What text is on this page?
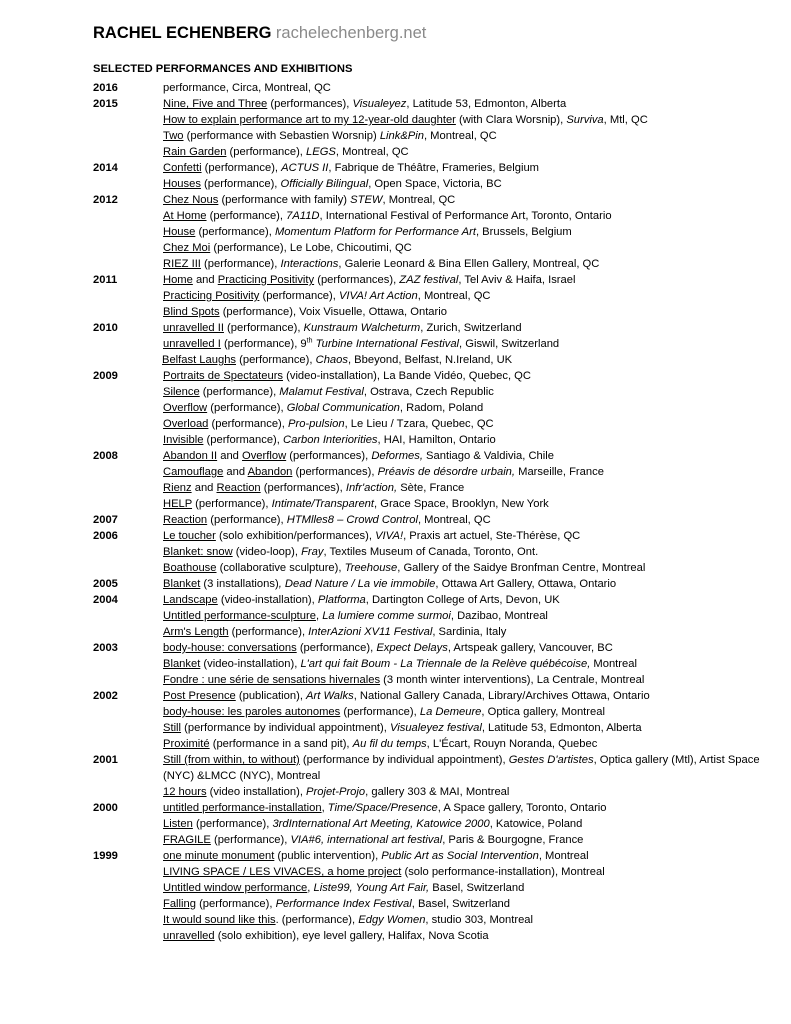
RACHEL ECHENBERG rachelechenberg.net
SELECTED PERFORMANCES AND EXHIBITIONS
2016	performance, Circa, Montreal, QC
2015	Nine, Five and Three (performances), Visualeyez, Latitude 53, Edmonton, Alberta
How to explain performance art to my 12-year-old daughter (with Clara Worsnip), Surviva, Mtl, QC
Two (performance with Sebastien Worsnip) Link&Pin, Montreal, QC
Rain Garden (performance), LEGS, Montreal, QC
2014	Confetti (performance), ACTUS II, Fabrique de Théâtre, Frameries, Belgium
Houses (performance), Officially Bilingual, Open Space, Victoria, BC
2012	Chez Nous (performance with family) STEW, Montreal, QC
At Home (performance), 7A11D, International Festival of Performance Art, Toronto, Ontario
House (performance), Momentum Platform for Performance Art, Brussels, Belgium
Chez Moi (performance), Le Lobe, Chicoutimi, QC
RIEZ III (performance), Interactions, Galerie Leonard & Bina Ellen Gallery, Montreal, QC
2011	Home and Practicing Positivity (performances), ZAZ festival, Tel Aviv & Haifa, Israel
Practicing Positivity (performance), VIVA! Art Action, Montreal, QC
Blind Spots (performance), Voix Visuelle, Ottawa, Ontario
2010	unravelled II (performance), Kunstraum Walcheturm, Zurich, Switzerland
unravelled I (performance), 9th Turbine International Festival, Giswil, Switzerland
Belfast Laughs (performance), Chaos, Bbeyond, Belfast, N.Ireland, UK
2009	Portraits de Spectateurs (video-installation), La Bande Vidéo, Quebec, QC
Silence (performance), Malamut Festival, Ostrava, Czech Republic
Overflow (performance), Global Communication, Radom, Poland
Overload (performance), Pro-pulsion, Le Lieu / Tzara, Quebec, QC
Invisible (performance), Carbon Interiorities, HAI, Hamilton, Ontario
2008	Abandon II and Overflow (performances), Deformes, Santiago & Valdivia, Chile
Camouflage and Abandon (performances), Préavis de désordre urbain, Marseille, France
Rienz and Reaction (performances), Infr'action, Sète, France
HELP (performance), Intimate/Transparent, Grace Space, Brooklyn, New York
2007	Reaction (performance), HTMlles8 – Crowd Control, Montreal, QC
2006	Le toucher (solo exhibition/performances), VIVA!, Praxis art actuel, Ste-Thérèse, QC
Blanket: snow (video-loop), Fray, Textiles Museum of Canada, Toronto, Ont.
Boathouse (collaborative sculpture), Treehouse, Gallery of the Saidye Bronfman Centre, Montreal
2005	Blanket (3 installations), Dead Nature / La vie immobile, Ottawa Art Gallery, Ottawa, Ontario
2004	Landscape (video-installation), Platforma, Dartington College of Arts, Devon, UK
Untitled performance-sculpture, La lumiere comme surmoi, Dazibao, Montreal
Arm's Length (performance), InterAzioni XV11 Festival, Sardinia, Italy
2003	body-house: conversations (performance), Expect Delays, Artspeak gallery, Vancouver, BC
Blanket (video-installation), L'art qui fait Boum - La Triennale de la Relève québécoise, Montreal
Fondre : une série de sensations hivernales (3 month winter interventions), La Centrale, Montreal
2002	Post Presence (publication), Art Walks, National Gallery Canada, Library/Archives Ottawa, Ontario
body-house: les paroles autonomes (performance), La Demeure, Optica gallery, Montreal
Still (performance by individual appointment), Visualeyez festival, Latitude 53, Edmonton, Alberta
Proximité (performance in a sand pit), Au fil du temps, L'Écart, Rouyn Noranda, Quebec
2001	Still (from within, to without) (performance by individual appointment), Gestes D'artistes, Optica gallery (Mtl), Artist Space (NYC) &LMCC (NYC), Montreal
12 hours (video installation), Projet-Projo, gallery 303 & MAI, Montreal
2000	untitled performance-installation, Time/Space/Presence, A Space gallery, Toronto, Ontario
Listen (performance), 3rdInternational Art Meeting, Katowice 2000, Katowice, Poland
FRAGILE (performance), VIA#6, international art festival, Paris & Bourgogne, France
1999	one minute monument (public intervention), Public Art as Social Intervention, Montreal
LIVING SPACE / LES VIVACES, a home project (solo performance-installation), Montreal
Untitled window performance, Liste99, Young Art Fair, Basel, Switzerland
Falling (performance), Performance Index Festival, Basel, Switzerland
It would sound like this. (performance), Edgy Women, studio 303, Montreal
unravelled (solo exhibition), eye level gallery, Halifax, Nova Scotia
